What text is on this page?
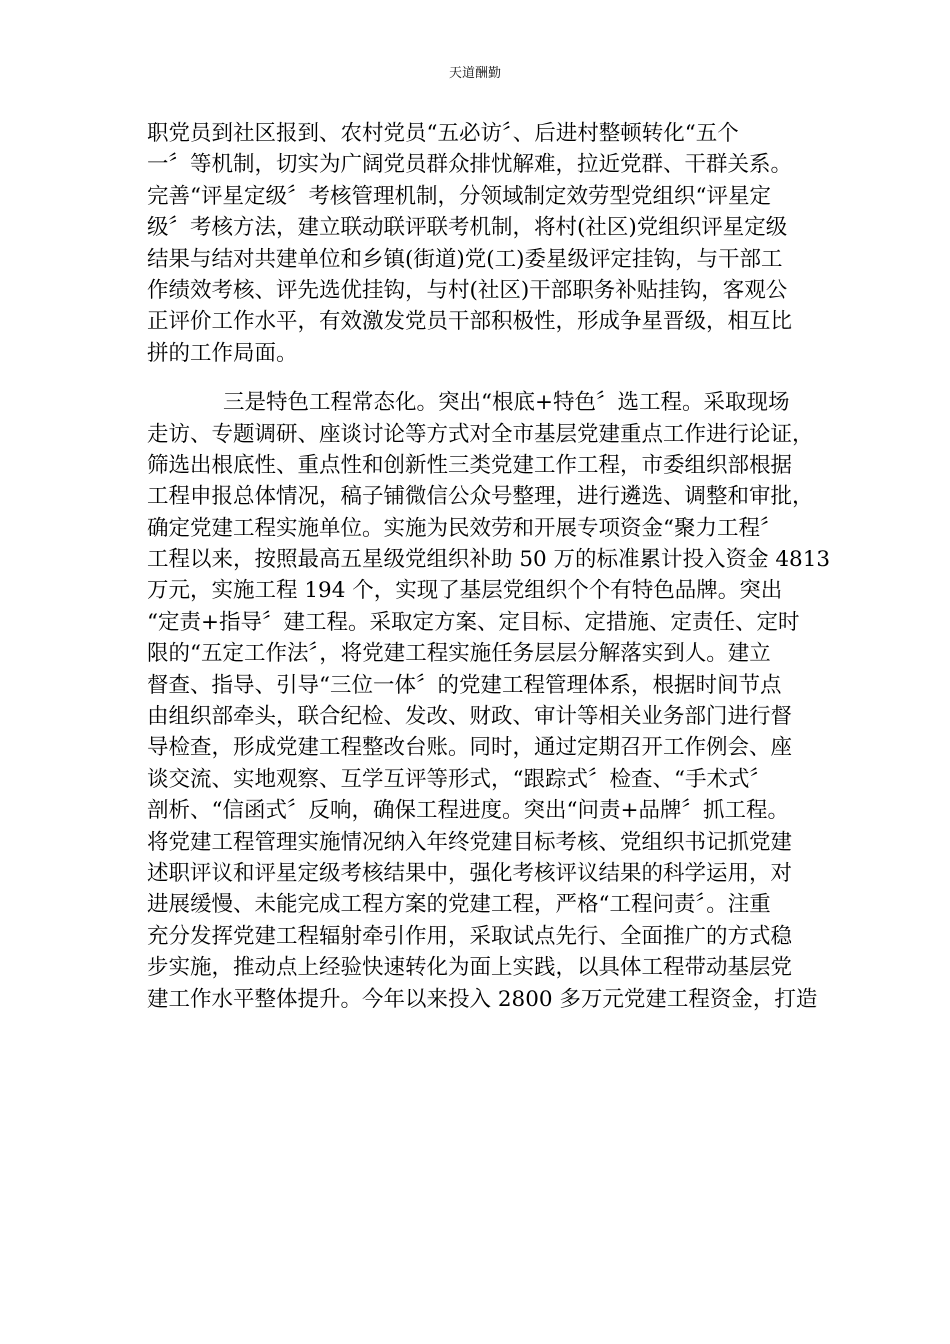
天道酬勤
职党员到社区报到、农村党员“五必访〞、后进村整顿转化“五个
一〞等机制，切实为广阔党员群众排忧解难，拉近党群、干群关系。
完善“评星定级〞考核管理机制，分领域制定效劳型党组织“评星定
级〞考核方法，建立联动联评联考机制，将村(社区)党组织评星定级
结果与结对共建单位和乡镇(街道)党(工)委星级评定挂钩，与干部工
作绩效考核、评先选优挂钩，与村(社区)干部职务补贴挂钩，客观公
正评价工作水平，有效激发党员干部积极性，形成争星晋级，相互比
拼的工作局面。
三是特色工程常态化。突出“根底+特色〞选工程。采取现场
走访、专题调研、座谈讨论等方式对全市基层党建重点工作进行论证，
筛选出根底性、重点性和创新性三类党建工作工程，市委组织部根据
工程申报总体情况，稿子铺微信公众号整理，进行遴选、调整和审批，
确定党建工程实施单位。实施为民效劳和开展专项资金“聚力工程〞
工程以来，按照最高五星级党组织补助 50 万的标准累计投入资金 4813
万元，实施工程 194 个，实现了基层党组织个个有特色品牌。突出
“定责+指导〞建工程。采取定方案、定目标、定措施、定责任、定时
限的“五定工作法〞，将党建工程实施任务层层分解落实到人。建立
督查、指导、引导“三位一体〞的党建工程管理体系，根据时间节点
由组织部牵头，联合纪检、发改、财政、审计等相关业务部门进行督
导检查，形成党建工程整改台账。同时，通过定期召开工作例会、座
谈交流、实地观察、互学互评等形式，“跟踪式〞检查、“手术式〞
剖析、“信函式〞反响，确保工程进度。突出“问责+品牌〞抓工程。
将党建工程管理实施情况纳入年终党建目标考核、党组织书记抓党建
述职评议和评星定级考核结果中，强化考核评议结果的科学运用，对
进展缓慢、未能完成工程方案的党建工程，严格“工程问责〞。注重
充分发挥党建工程辐射牵引作用，采取试点先行、全面推广的方式稳
步实施，推动点上经验快速转化为面上实践，以具体工程带动基层党
建工作水平整体提升。今年以来投入 2800 多万元党建工程资金，打造
